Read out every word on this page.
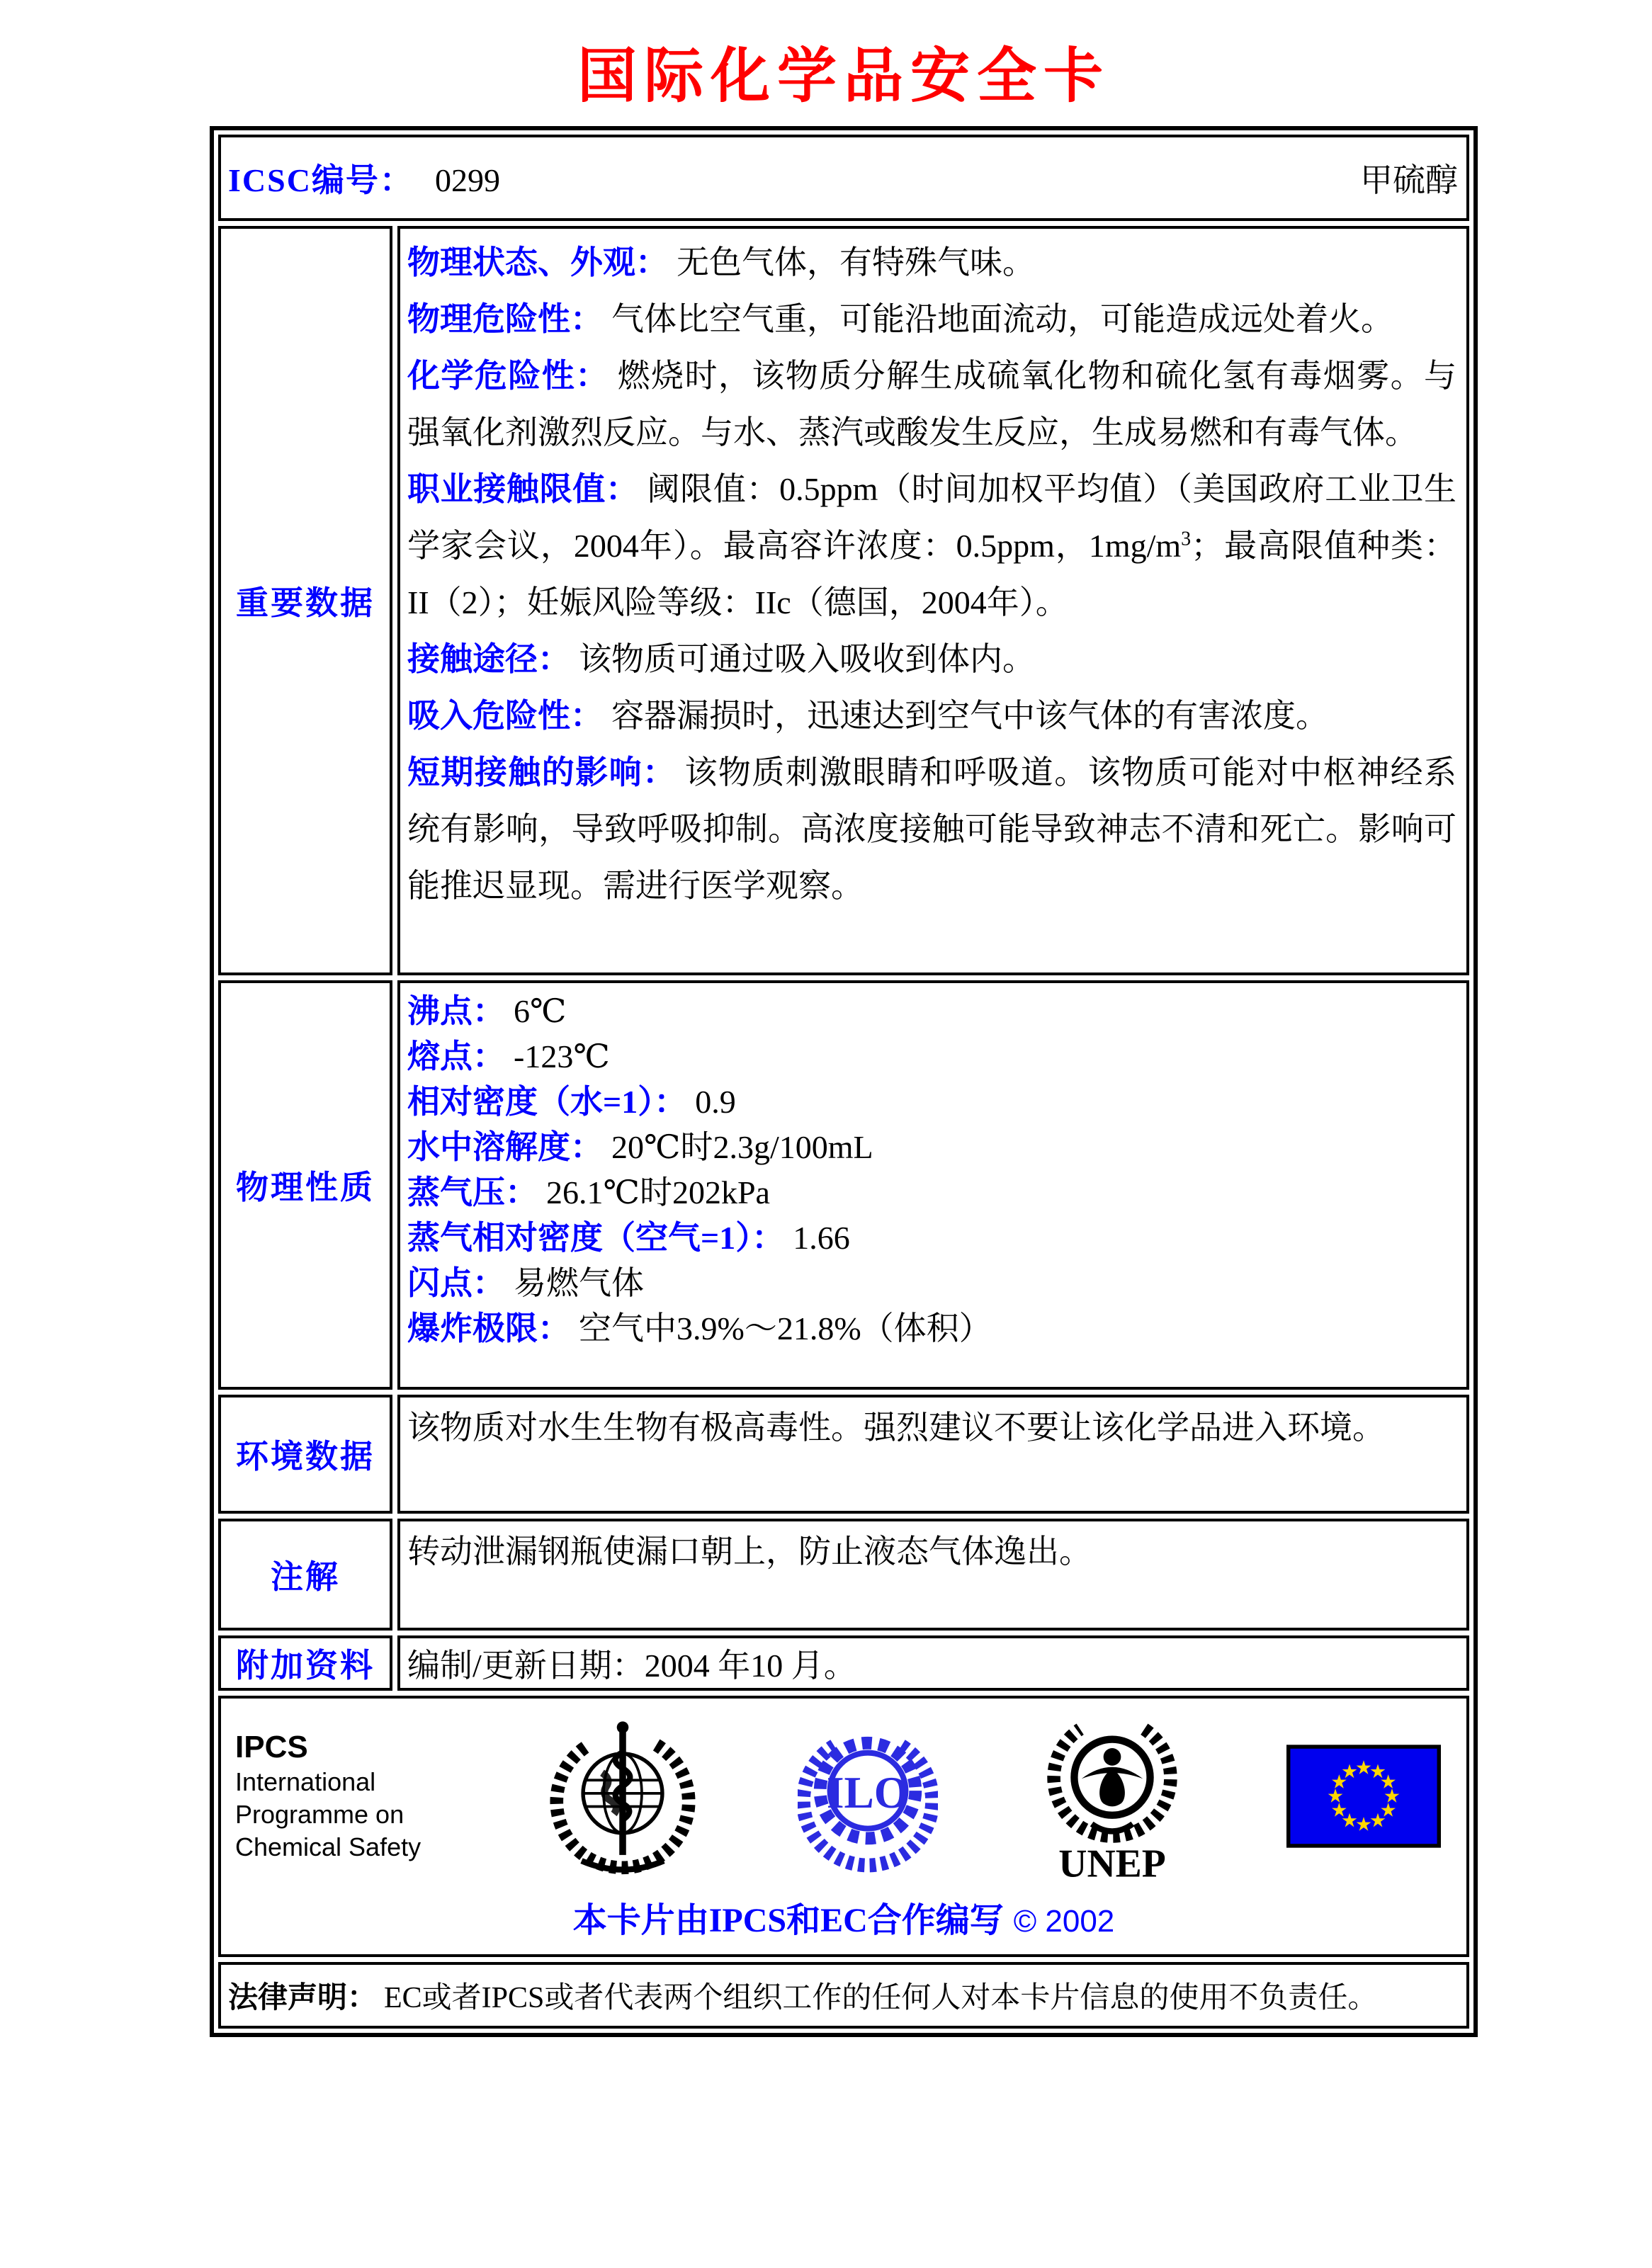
国际化学品安全卡
ICSC编号： 0299	甲硫醇
重要数据

物理状态、外观： 无色气体，有特殊气味。

物理危险性： 气体比空气重，可能沿地面流动，可能造成远处着火。

化学危险性： 燃烧时，该物质分解生成硫氧化物和硫化氢有毒烟雾。与强氧化剂激烈反应。与水、蒸汽或酸发生反应，生成易燃和有毒气体。

职业接触限值： 阈限值：0.5ppm（时间加权平均值）（美国政府工业卫生学家会议，2004年）。最高容许浓度：0.5ppm，$1mg/m^3$；最高限值种类：II（2）；妊娠风险等级：IIc（德国，2004年）。

接触途径： 该物质可通过吸入吸收到体内。

吸入危险性： 容器漏损时，迅速达到空气中该气体的有害浓度。

短期接触的影响： 该物质刺激眼睛和呼吸道。该物质可能对中枢神经系统有影响，导致呼吸抑制。高浓度接触可能导致神志不清和死亡。影响可能推迟显现。需进行医学观察。

物理性质

沸点： 6℃

熔点： -123℃

相对密度（水=1）： 0.9

水中溶解度： 20℃时2.3g/100mL

蒸气压： 26.1℃时202kPa

蒸气相对密度（空气=1）： 1.66

闪点： 易燃气体

爆炸极限： 空气中3.9%～21.8%（体积）

环境数据

该物质对水生生物有极高毒性。强烈建议不要让该化学品进入环境。

注解

转动泄漏钢瓶使漏口朝上，防止液态气体逸出。

附加资料	编制/更新日期：2004 年10 月。

IPCS
International
Programme on
Chemical Safety
ILO
UNEP
本卡片由IPCS和EC合作编写 © 2002
法律声明： EC或者IPCS或者代表两个组织工作的任何人对本卡片信息的使用不负责任。
